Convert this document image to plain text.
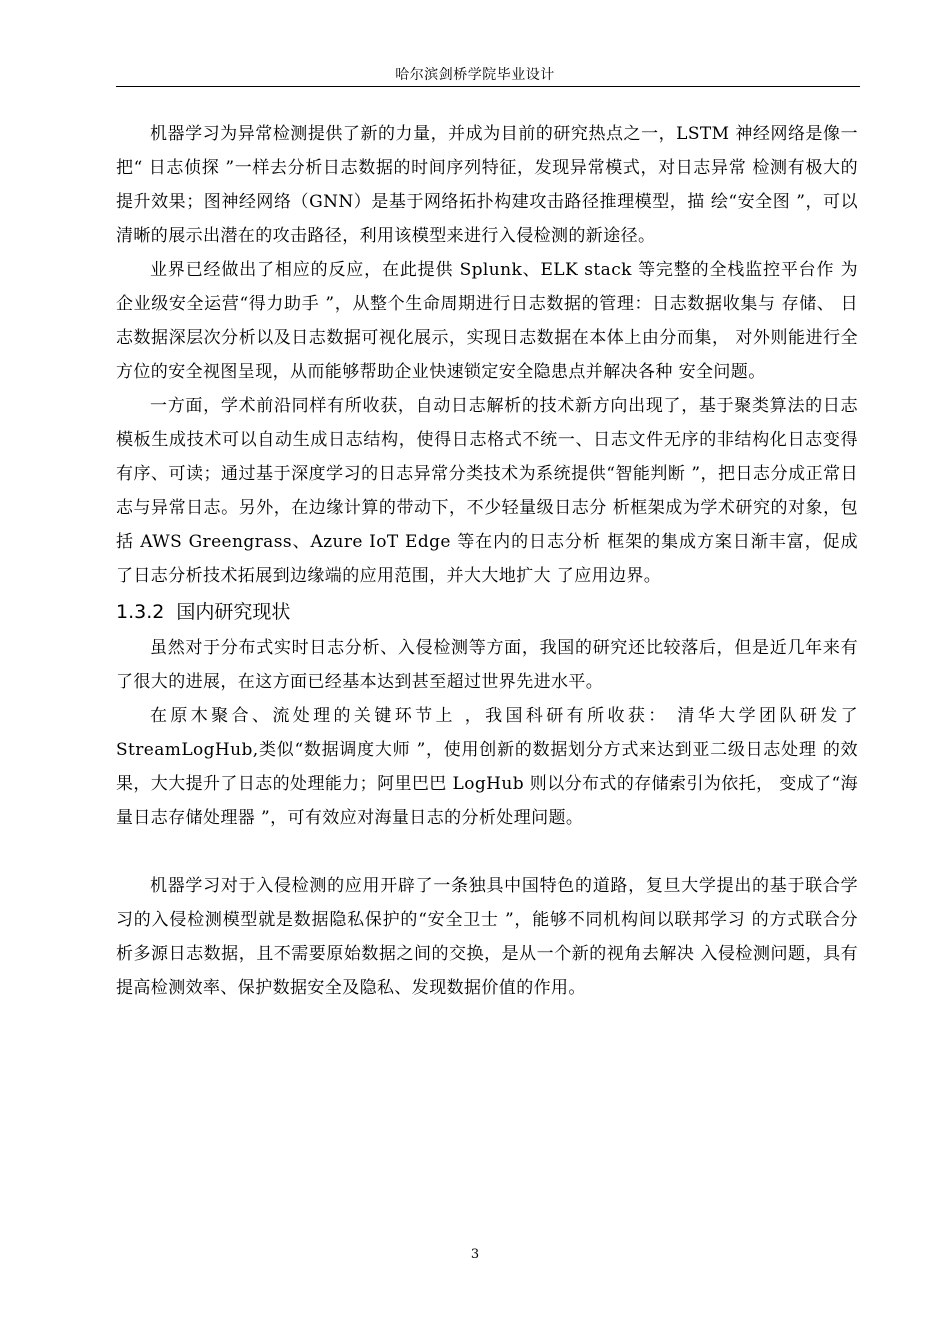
哈尔滨剑桥学院毕业设计

机器学习为异常检测提供了新的力量，并成为目前的研究热点之一，LSTM 神经网络是像一把“ 日志侦探 ”一样去分析日志数据的时间序列特征，发现异常模式，对日志异常 检测有极大的提升效果；图神经网络（GNN）是基于网络拓扑构建攻击路径推理模型，描 绘“安全图 ”，可以清晰的展示出潜在的攻击路径，利用该模型来进行入侵检测的新途径。

业界已经做出了相应的反应，在此提供 Splunk、ELK stack 等完整的全栈监控平台作 为企业级安全运营“得力助手 ”，从整个生命周期进行日志数据的管理：日志数据收集与 存储、 日志数据深层次分析以及日志数据可视化展示，实现日志数据在本体上由分而集， 对外则能进行全方位的安全视图呈现，从而能够帮助企业快速锁定安全隐患点并解决各种 安全问题。

一方面，学术前沿同样有所收获，自动日志解析的技术新方向出现了，基于聚类算法的日志模板生成技术可以自动生成日志结构，使得日志格式不统一、日志文件无序的非结构化日志变得有序、可读；通过基于深度学习的日志异常分类技术为系统提供“智能判断 ”，把日志分成正常日志与异常日志。另外，在边缘计算的带动下，不少轻量级日志分 析框架成为学术研究的对象，包括 AWS Greengrass、Azure IoT Edge 等在内的日志分析 框架的集成方案日渐丰富，促成了日志分析技术拓展到边缘端的应用范围，并大大地扩大 了应用边界。

1.3.2 国内研究现状

虽然对于分布式实时日志分析、入侵检测等方面，我国的研究还比较落后，但是近几年来有了很大的进展，在这方面已经基本达到甚至超过世界先进水平。

在原木聚合、流处理的关键环节上 ，我国科研有所收获： 清华大学团队研发了 StreamLogHub,类似“数据调度大师 ”，使用创新的数据划分方式来达到亚二级日志处理 的效果，大大提升了日志的处理能力；阿里巴巴 LogHub 则以分布式的存储索引为依托， 变成了“海量日志存储处理器 ”，可有效应对海量日志的分析处理问题。

机器学习对于入侵检测的应用开辟了一条独具中国特色的道路，复旦大学提出的基于联合学习的入侵检测模型就是数据隐私保护的“安全卫士 ”，能够不同机构间以联邦学习 的方式联合分析多源日志数据，且不需要原始数据之间的交换，是从一个新的视角去解决 入侵检测问题，具有提高检测效率、保护数据安全及隐私、发现数据价值的作用。

3
